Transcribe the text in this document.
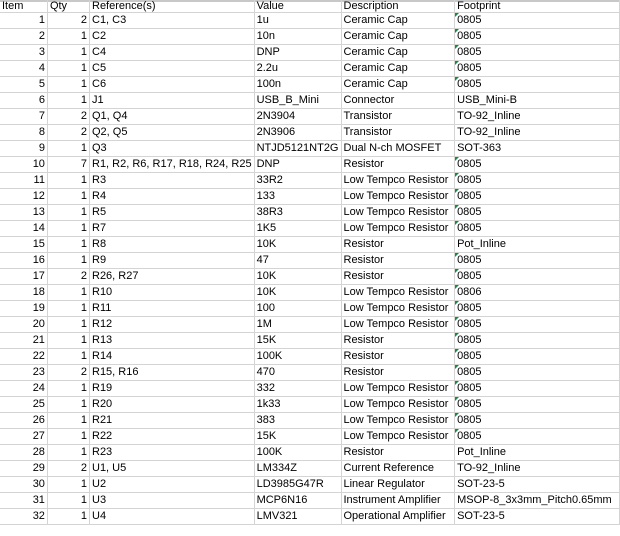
Item	Qty	Reference(s)	Value	Description	Footprint
1	2	C1, C3	1u	Ceramic Cap	0805
2	1	C2	10n	Ceramic Cap	0805
3	1	C4	DNP	Ceramic Cap	0805
4	1	C5	2.2u	Ceramic Cap	0805
5	1	C6	100n	Ceramic Cap	0805
6	1	J1	USB_B_Mini	Connector	USB_Mini-B
7	2	Q1, Q4	2N3904	Transistor	TO-92_Inline
8	2	Q2, Q5	2N3906	Transistor	TO-92_Inline
9	1	Q3	NTJD5121NT2G	Dual N-ch MOSFET	SOT-363
10	7	R1, R2, R6, R17, R18, R24, R25	DNP	Resistor	0805
11	1	R3	33R2	Low Tempco Resistor	0805
12	1	R4	133	Low Tempco Resistor	0805
13	1	R5	38R3	Low Tempco Resistor	0805
14	1	R7	1K5	Low Tempco Resistor	0805
15	1	R8	10K	Resistor	Pot_Inline
16	1	R9	47	Resistor	0805
17	2	R26, R27	10K	Resistor	0805
18	1	R10	10K	Low Tempco Resistor	0806
19	1	R11	100	Low Tempco Resistor	0805
20	1	R12	1M	Low Tempco Resistor	0805
21	1	R13	15K	Resistor	0805
22	1	R14	100K	Resistor	0805
23	2	R15, R16	470	Resistor	0805
24	1	R19	332	Low Tempco Resistor	0805
25	1	R20	1k33	Low Tempco Resistor	0805
26	1	R21	383	Low Tempco Resistor	0805
27	1	R22	15K	Low Tempco Resistor	0805
28	1	R23	100K	Resistor	Pot_Inline
29	2	U1, U5	LM334Z	Current Reference	TO-92_Inline
30	1	U2	LD3985G47R	Linear Regulator	SOT-23-5
31	1	U3	MCP6N16	Instrument Amplifier	MSOP-8_3x3mm_Pitch0.65mm
32	1	U4	LMV321	Operational Amplifier	SOT-23-5
